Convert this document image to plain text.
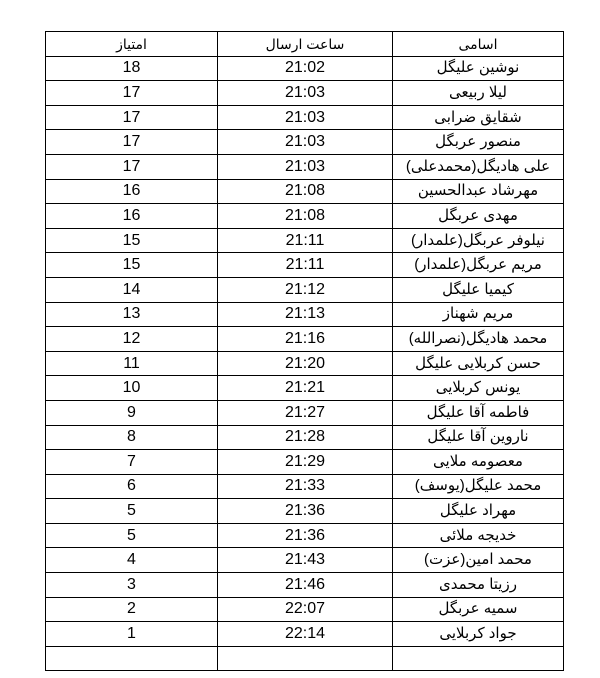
امتیاز	ساعت ارسال	اسامی
18	21:02	نوشین علیگل
17	21:03	لیلا ربیعی
17	21:03	شقایق ضرابی
17	21:03	منصور عربگل
17	21:03	علی هادیگل(محمدعلی)
16	21:08	مهرشاد عبدالحسین
16	21:08	مهدی عربگل
15	21:11	نیلوفر عربگل(علمدار)
15	21:11	مریم عربگل(علمدار)
14	21:12	کیمیا علیگل
13	21:13	مریم شهناز
12	21:16	محمد هادیگل(نصرالله)
11	21:20	حسن کربلایی علیگل
10	21:21	یونس کربلایی
9	21:27	فاطمه آقا علیگل
8	21:28	ناروین آقا علیگل
7	21:29	معصومه ملایی
6	21:33	محمد علیگل(یوسف)
5	21:36	مهراد علیگل
5	21:36	خدیجه ملائی
4	21:43	محمد امین(عزت)
3	21:46	رزیتا محمدی
2	22:07	سمیه عربگل
1	22:14	جواد کربلایی
